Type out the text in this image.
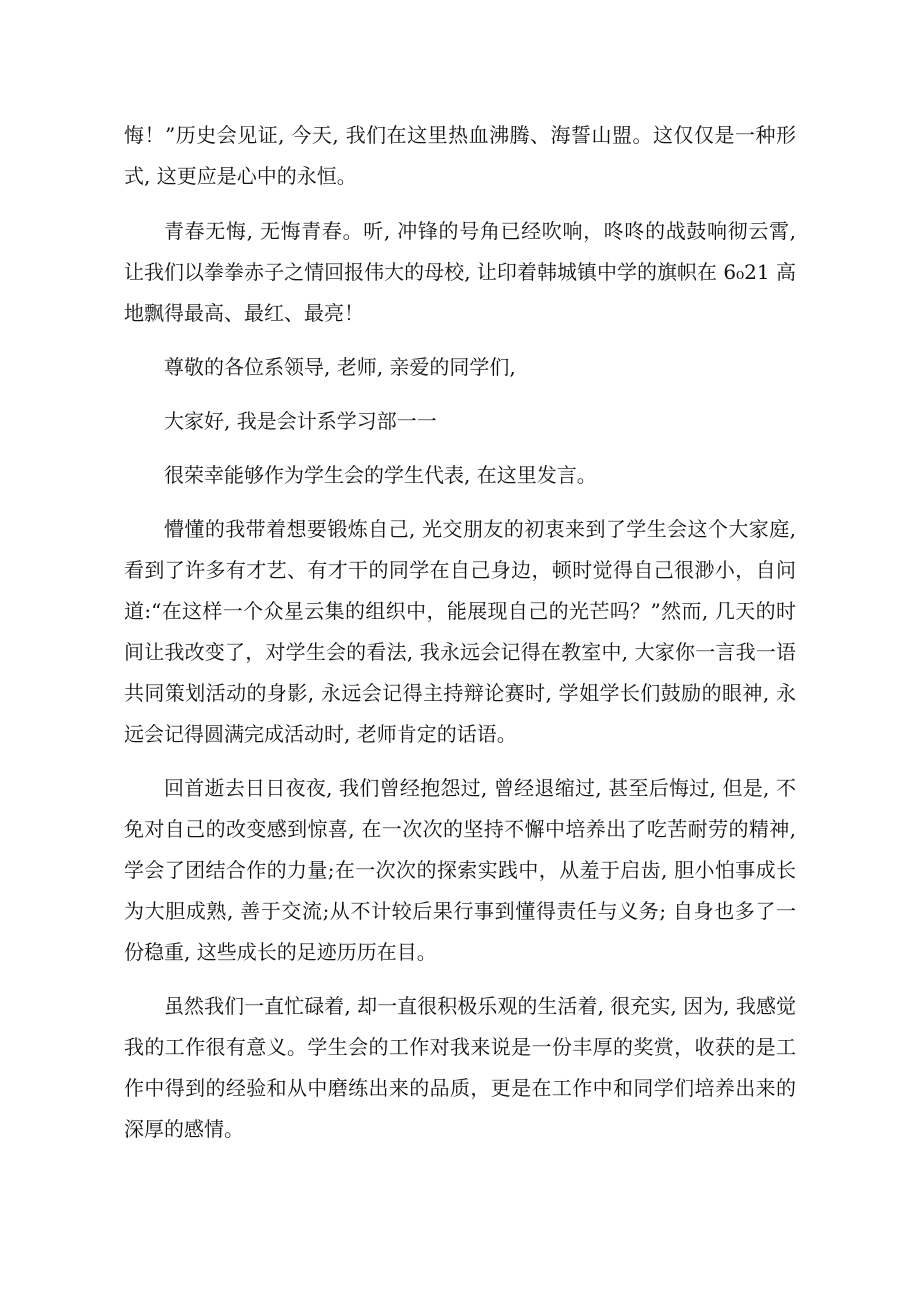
悔！”历史会见证, 今天, 我们在这里热血沸腾、海誓山盟。这仅仅是一种形式, 这更应是心中的永恒。

青春无悔, 无悔青春。听, 冲锋的号角已经吹响，咚咚的战鼓响彻云霄, 让我们以拳拳赤子之情回报伟大的母校, 让印着韩城镇中学的旗帜在 6₀21 高地飘得最高、最红、最亮！

尊敬的各位系领导, 老师, 亲爱的同学们,

大家好, 我是会计系学习部一一

很荣幸能够作为学生会的学生代表, 在这里发言。

懵懂的我带着想要锻炼自己, 光交朋友的初衷来到了学生会这个大家庭, 看到了许多有才艺、有才干的同学在自己身边，顿时觉得自己很渺小，自问道:“在这样一个众星云集的组织中，能展现自己的光芒吗？”然而, 几天的时间让我改变了，对学生会的看法, 我永远会记得在教室中, 大家你一言我一语共同策划活动的身影, 永远会记得主持辩论赛时, 学姐学长们鼓励的眼神, 永远会记得圆满完成活动时, 老师肯定的话语。

回首逝去日日夜夜, 我们曾经抱怨过, 曾经退缩过, 甚至后悔过, 但是, 不免对自己的改变感到惊喜, 在一次次的坚持不懈中培养出了吃苦耐劳的精神, 学会了团结合作的力量;在一次次的探索实践中，从羞于启齿, 胆小怕事成长为大胆成熟, 善于交流;从不计较后果行事到懂得责任与义务; 自身也多了一份稳重, 这些成长的足迹历历在目。

虽然我们一直忙碌着, 却一直很积极乐观的生活着, 很充实, 因为, 我感觉我的工作很有意义。学生会的工作对我来说是一份丰厚的奖赏，收获的是工作中得到的经验和从中磨练出来的品质，更是在工作中和同学们培养出来的深厚的感情。
